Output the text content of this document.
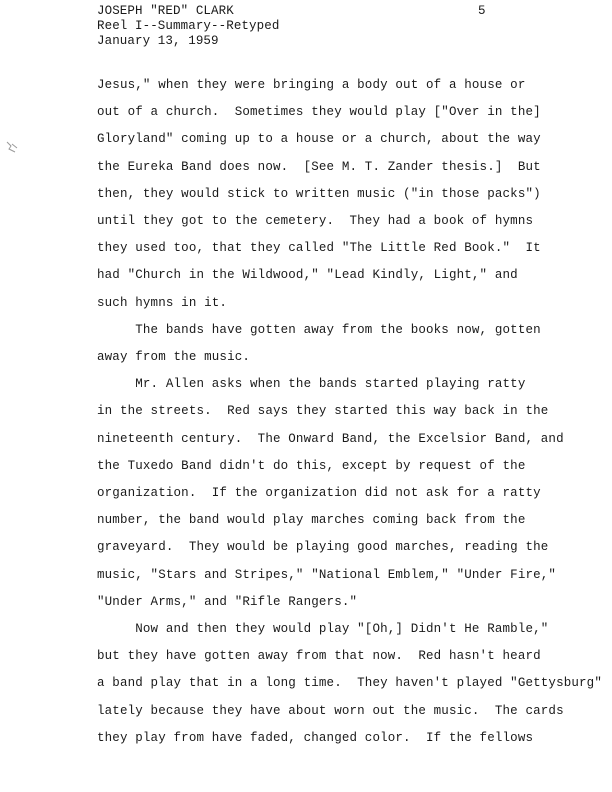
JOSEPH "RED" CLARK
Reel I--Summary--Retyped
January 13, 1959
5
Jesus," when they were bringing a body out of a house or
out of a church.  Sometimes they would play ["Over in the]
Gloryland" coming up to a house or a church, about the way
the Eureka Band does now.  [See M. T. Zander thesis.]  But
then, they would stick to written music ("in those packs")
until they got to the cemetery.  They had a book of hymns
they used too, that they called "The Little Red Book."  It
had "Church in the Wildwood," "Lead Kindly, Light," and
such hymns in it.
The bands have gotten away from the books now, gotten
away from the music.
Mr. Allen asks when the bands started playing ratty
in the streets.  Red says they started this way back in the
nineteenth century.  The Onward Band, the Excelsior Band, and
the Tuxedo Band didn't do this, except by request of the
organization.  If the organization did not ask for a ratty
number, the band would play marches coming back from the
graveyard.  They would be playing good marches, reading the
music, "Stars and Stripes," "National Emblem," "Under Fire,"
"Under Arms," and "Rifle Rangers."
Now and then they would play "[Oh,] Didn't He Ramble,"
but they have gotten away from that now.  Red hasn't heard
a band play that in a long time.  They haven't played "Gettysburg"
lately because they have about worn out the music.  The cards
they play from have faded, changed color.  If the fellows
